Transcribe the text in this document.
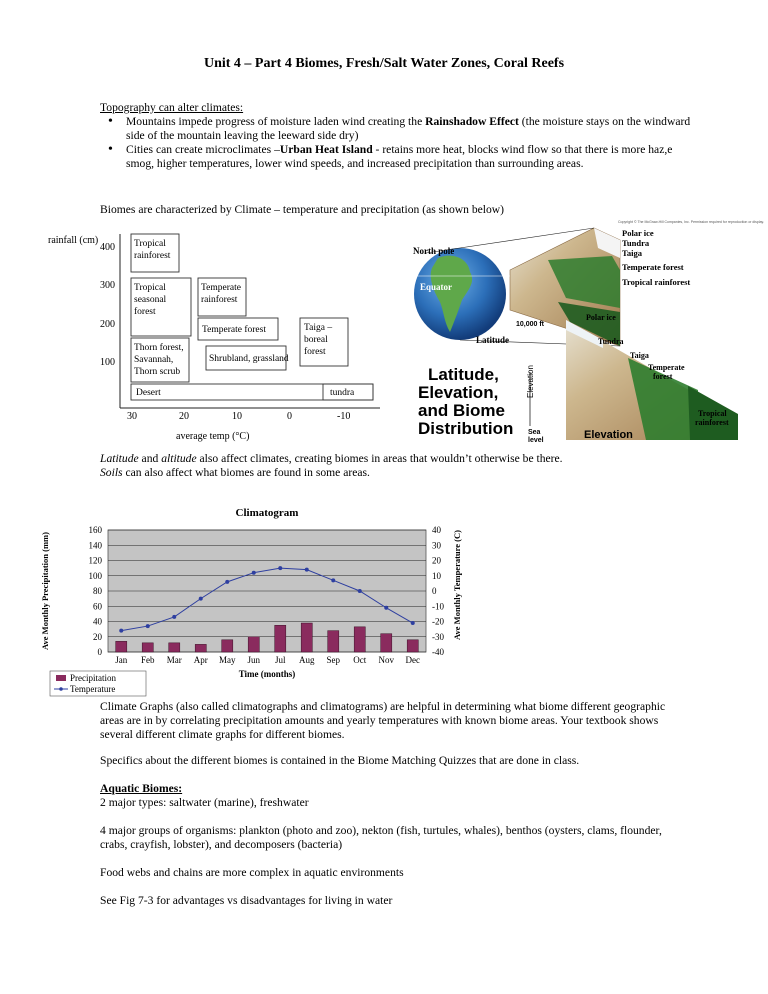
Unit 4 – Part 4 Biomes, Fresh/Salt Water Zones, Coral Reefs
Topography can alter climates:
• Mountains impede progress of moisture laden wind creating the Rainshadow Effect (the moisture stays on the windward side of the mountain leaving the leeward side dry)
• Cities can create microclimates –Urban Heat Island - retains more heat, blocks wind flow so that there is more haz,e smog, higher temperatures, lower wind speeds, and increased precipitation than surrounding areas.
Biomes are characterized by Climate – temperature and precipitation (as shown below)
rainfall (cm)
400
300
200
100
30	20	10	0	-10
average temp (°C)
Tropical rainforest
Tropical seasonal forest
Temperate rainforest
Temperate forest	Taiga – boreal forest
Thorn forest, Savannah, Thorn scrub
Shrubland, grassland
Desert	tundra
Copyright © The McGraw-Hill Companies, Inc. Permission required for reproduction or display.
North pole
Equator
Latitude
Polar ice
Tundra
Taiga
Temperate forest
Tropical rainforest
Polar ice
Tundra
Taiga
Temperate
forest
Tropical
rainforest
10,000 ft
Elevation
Sea level	Elevation
Latitude, Elevation, and Biome Distribution
Latitude and altitude also affect climates, creating biomes in areas that wouldn’t otherwise be there.
Soils can also affect what biomes are found in some areas.
Climatogram
0
20
40
60
80
100
120
140
160
-40
-30
-20
-10
0
10
20
30
40
Ave Monthly Precipitation (mm)	Ave Monthly Temperature (C)
Jan Feb Mar Apr May Jun Jul Aug Sep Oct Nov Dec
Time (months)
Precipitation
Temperature
Climate Graphs (also called climatographs and climatograms) are helpful in determining what biome different geographic areas are in by correlating precipitation amounts and yearly temperatures with known biome areas. Your textbook shows several different climate graphs for different biomes.
Specifics about the different biomes is contained in the Biome Matching Quizzes that are done in class.
Aquatic Biomes:
2 major types: saltwater (marine), freshwater
4 major groups of organisms: plankton (photo and zoo), nekton (fish, turtules, whales), benthos (oysters, clams, flounder, crabs, crayfish, lobster), and decomposers (bacteria)
Food webs and chains are more complex in aquatic environments
See Fig 7-3 for advantages vs disadvantages for living in water
